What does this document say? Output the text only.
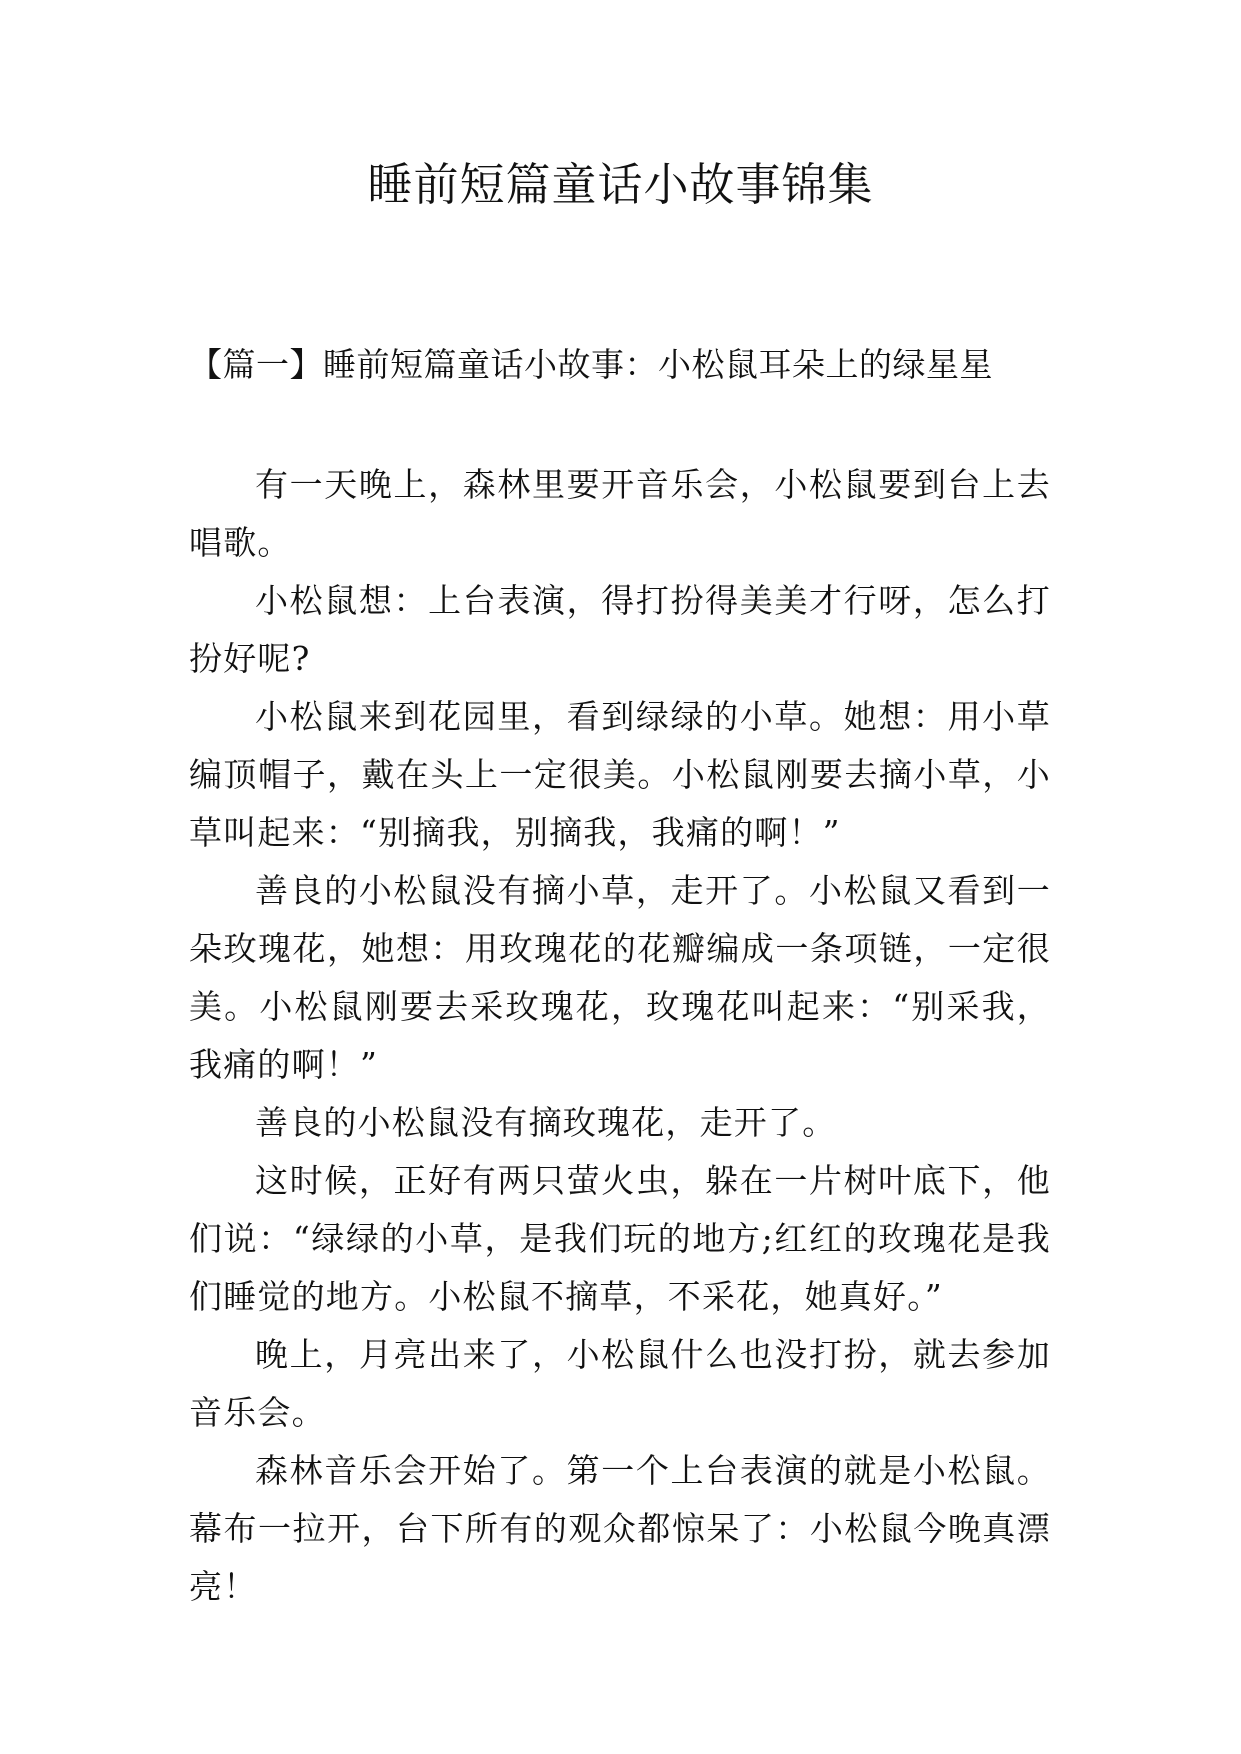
睡前短篇童话小故事锦集
【篇一】睡前短篇童话小故事：小松鼠耳朵上的绿星星

有一天晚上，森林里要开音乐会，小松鼠要到台上去唱歌。

小松鼠想：上台表演，得打扮得美美才行呀，怎么打扮好呢?

小松鼠来到花园里，看到绿绿的小草。她想：用小草编顶帽子，戴在头上一定很美。小松鼠刚要去摘小草，小草叫起来：“别摘我，别摘我，我痛的啊！”

善良的小松鼠没有摘小草，走开了。小松鼠又看到一朵玫瑰花，她想：用玫瑰花的花瓣编成一条项链，一定很美。小松鼠刚要去采玫瑰花，玫瑰花叫起来：“别采我，我痛的啊！”

善良的小松鼠没有摘玫瑰花，走开了。

这时候，正好有两只萤火虫，躲在一片树叶底下，他们说：“绿绿的小草，是我们玩的地方;红红的玫瑰花是我们睡觉的地方。小松鼠不摘草，不采花，她真好。”

晚上，月亮出来了，小松鼠什么也没打扮，就去参加音乐会。

森林音乐会开始了。第一个上台表演的就是小松鼠。幕布一拉开，台下所有的观众都惊呆了：小松鼠今晚真漂亮！
